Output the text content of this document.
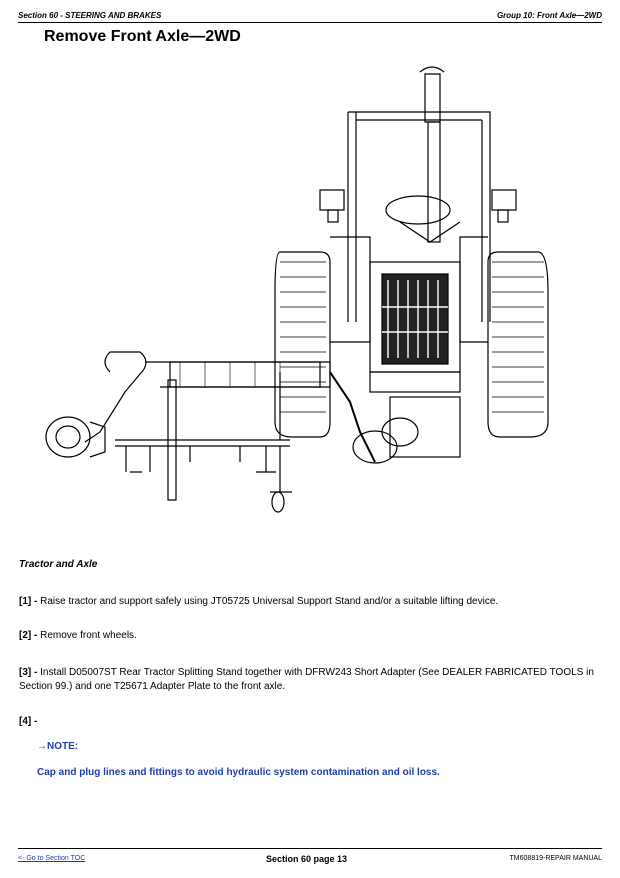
Section 60 - STEERING AND BRAKES	Group 10: Front Axle—2WD
Remove Front Axle—2WD
Tractor and Axle
[1] - Raise tractor and support safely using JT05725 Universal Support Stand and/or a suitable lifting device.
[2] - Remove front wheels.
[3] - Install D05007ST Rear Tractor Splitting Stand together with DFRW243 Short Adapter (See DEALER FABRICATED TOOLS in Section 99.) and one T25671 Adapter Plate to the front axle.
[4] -
→NOTE:
Cap and plug lines and fittings to avoid hydraulic system contamination and oil loss.
<- Go to Section TOC	Section 60 page 13	TM608819-REPAIR MANUAL
